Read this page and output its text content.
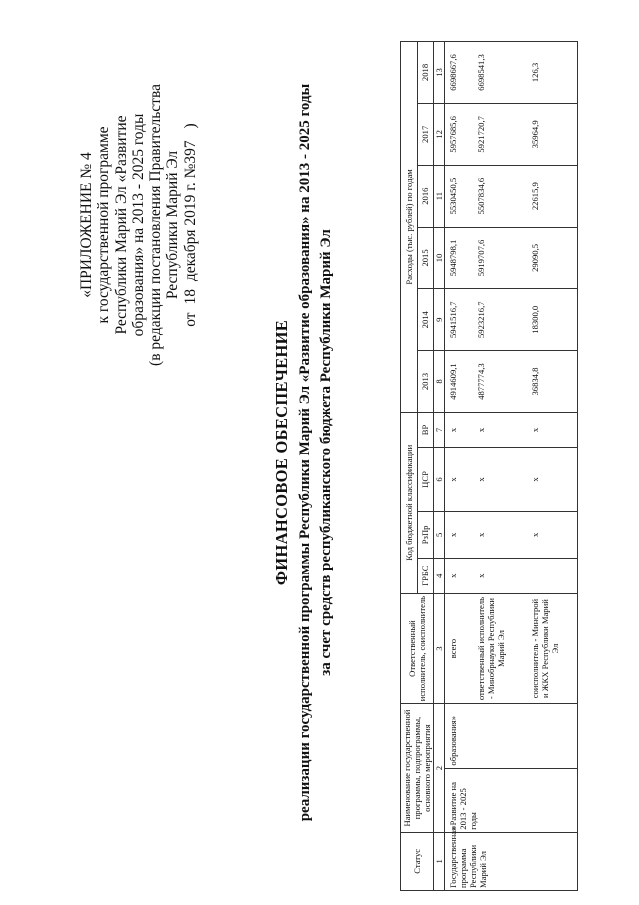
«ПРИЛОЖЕНИЕ № 4 к государственной программе Республики Марий Эл «Развитие образования» на 2013 - 2025 годы (в редакции постановления Правительства Республики Марий Эл
от 18 декабря 2019 г. №397 )
ФИНАНСОВОЕ ОБЕСПЕЧЕНИЕ реализации государственной программы Республики Марий Эл «Развитие образования» на 2013 - 2025 годы за счет средств республиканского бюджета Республики Марий Эл
Статус	Наименование государственной программы, подпрограммы, основного мероприятия		Ответственный исполнитель, соисполнитель	Код бюджетной классификации				Расходы (тыс. рублей) по годам					
				ГРБС	РзПр	ЦСР	ВР	2013	2014	2015	2016	2017	2018
1	2		3	4	5	6	7	8	9	10	11	12	13
Государственная программа Республики Марий Эл	«Развитие на 2013 - 2025 годы	образования»	всего	x	x	x	x	4914609,1	5941516,7	5948798,1	5530450,5	5957685,6	6698667,6
			ответственный исполнитель - Минобрнауки Республики Марий Эл	x	x	x	x	4877774,3	5923216,7	5919707,6	5507834,6	5921720,7	6698541,3
			соисполнитель - Минстрой и ЖКХ Республики Марий Эл		x	x	x	36834,8	18300,0	29090,5	22615,9	35964,9	126,3
